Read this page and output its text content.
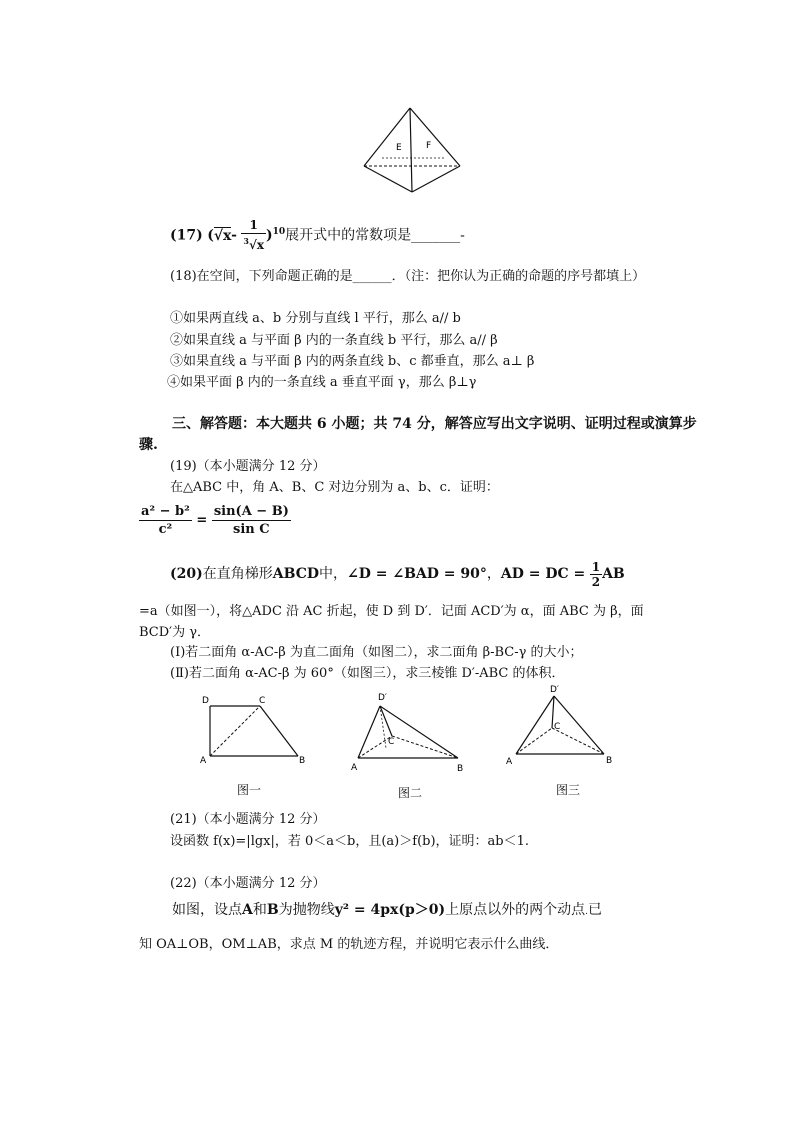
E	F
(17) $(√x- \frac{1}{^3√x} )^{10}$展开式中的常数项是_______-
(18)在空间，下列命题正确的是______．（注：把你认为正确的命题的序号都填上）
①如果两直线 a、b 分别与直线 l 平行，那么 a// b
②如果直线 a 与平面 β 内的一条直线 b 平行，那么 a// β
③如果直线 a 与平面 β 内的两条直线 b、c 都垂直，那么 a⊥ β
④如果平面 β 内的一条直线 a 垂直平面 γ，那么 β⊥γ
三、解答题：本大题共 6 小题；共 74 分，解答应写出文字说明、证明过程或演算步
骤.
(19)（本小题满分 12 分）
在△ABC 中，角 A、B、C 对边分别为 a、b、c．证明：
$\frac{\text{a² − b²}}{\text{c²}} = \frac{\sin(A - B)}{\text{sin C}}$
(20)在直角梯形ABCD中，∠D = ∠BAD = 90°，AD = DC = $\frac{1}{2}$ AB
=a（如图一），将△ADC 沿 AC 折起，使 D 到 D′．记面 ACD′为 α，面 ABC 为 β，面
BCD′为 γ．
(Ⅰ)若二面角 α-AC-β 为直二面角（如图二），求二面角 β-BC-γ 的大小；
(Ⅱ)若二面角 α-AC-β 为 60°（如图三），求三棱锥 D′-ABC 的体积．
D	C
A	B
图一
D′
C
A	B
图二
D′
C
A	B
图三
(21)（本小题满分 12 分）
设函数 f(x)=|lgx|，若 0＜a＜b，且(a)＞f(b)，证明：ab＜1.
(22)（本小题满分 12 分）
如图，设点A和B为抛物线y² = 4px(p＞0)上原点以外的两个动点.已
知 OA⊥OB，OM⊥AB，求点 M 的轨迹方程，并说明它表示什么曲线．
